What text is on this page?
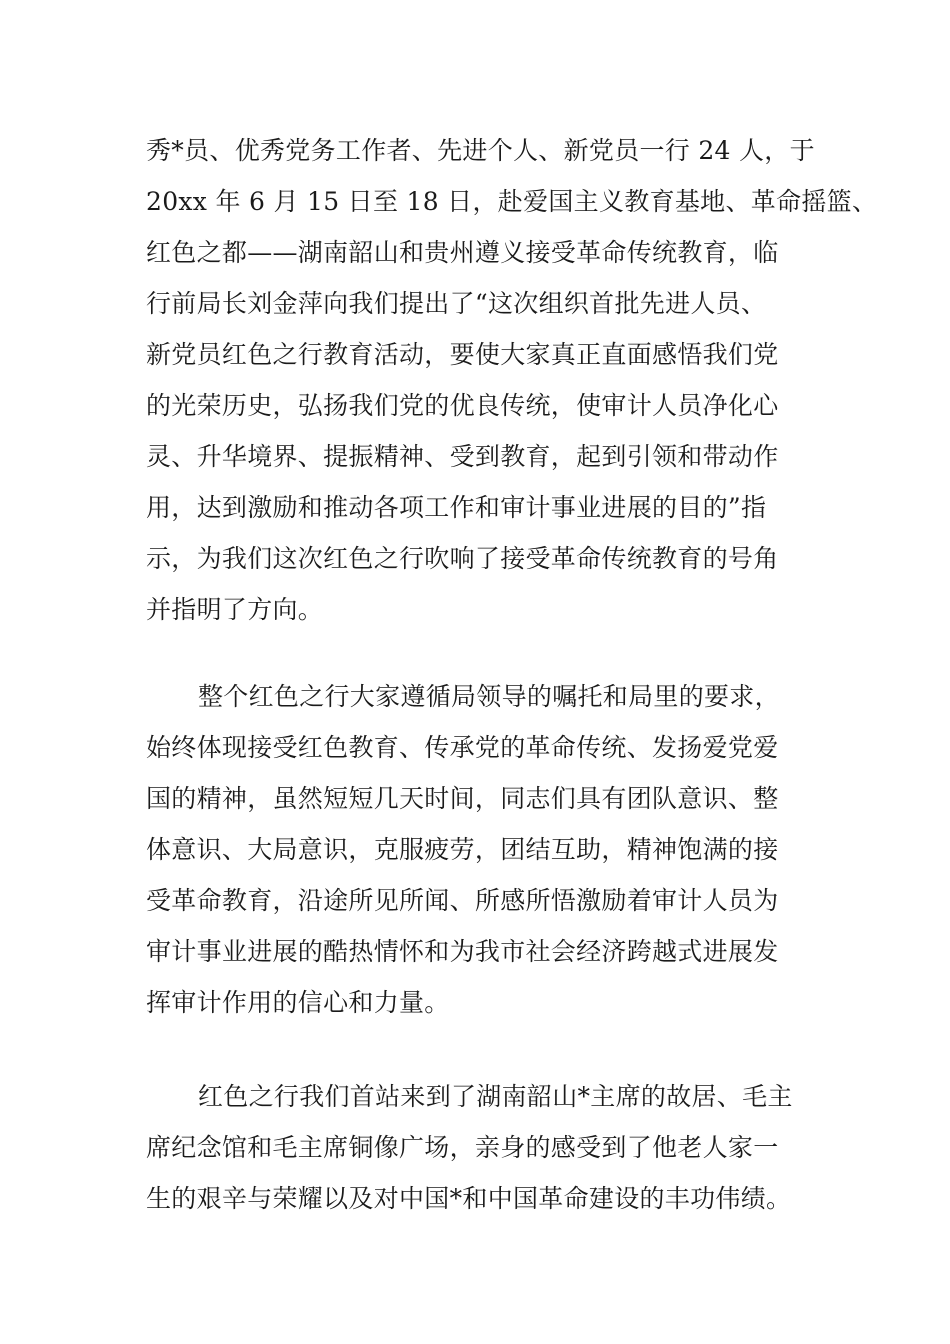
秀*员、优秀党务工作者、先进个人、新党员一行 24 人，于
20xx 年 6 月 15 日至 18 日，赴爱国主义教育基地、革命摇篮、
红色之都——湖南韶山和贵州遵义接受革命传统教育，临
行前局长刘金萍向我们提出了“这次组织首批先进人员、
新党员红色之行教育活动，要使大家真正直面感悟我们党
的光荣历史，弘扬我们党的优良传统，使审计人员净化心
灵、升华境界、提振精神、受到教育，起到引领和带动作
用，达到激励和推动各项工作和审计事业进展的目的”指
示，为我们这次红色之行吹响了接受革命传统教育的号角
并指明了方向。
整个红色之行大家遵循局领导的嘱托和局里的要求，
始终体现接受红色教育、传承党的革命传统、发扬爱党爱
国的精神，虽然短短几天时间，同志们具有团队意识、整
体意识、大局意识，克服疲劳，团结互助，精神饱满的接
受革命教育，沿途所见所闻、所感所悟激励着审计人员为
审计事业进展的酷热情怀和为我市社会经济跨越式进展发
挥审计作用的信心和力量。
红色之行我们首站来到了湖南韶山*主席的故居、毛主
席纪念馆和毛主席铜像广场，亲身的感受到了他老人家一
生的艰辛与荣耀以及对中国*和中国革命建设的丰功伟绩。
